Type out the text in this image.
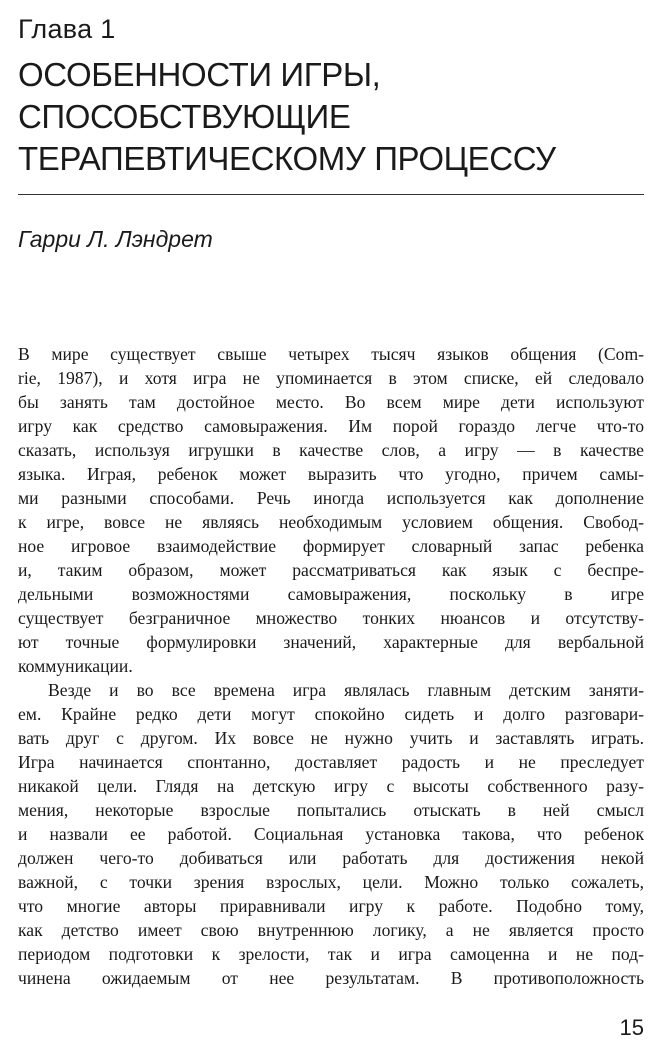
Глава 1
ОСОБЕННОСТИ ИГРЫ,
СПОСОБСТВУЮЩИЕ
ТЕРАПЕВТИЧЕСКОМУ ПРОЦЕССУ
Гарри Л. Лэндрет
В мире существует свыше четырех тысяч языков общения (Com-
rie, 1987), и хотя игра не упоминается в этом списке, ей следовало
бы занять там достойное место. Во всем мире дети используют
игру как средство самовыражения. Им порой гораздо легче что-то
сказать, используя игрушки в качестве слов, а игру — в качестве
языка. Играя, ребенок может выразить что угодно, причем самы-
ми разными способами. Речь иногда используется как дополнение
к игре, вовсе не являясь необходимым условием общения. Свобод-
ное игровое взаимодействие формирует словарный запас ребенка
и, таким образом, может рассматриваться как язык с беспре-
дельными возможностями самовыражения, поскольку в игре
существует безграничное множество тонких нюансов и отсутству-
ют точные формулировки значений, характерные для вербальной
коммуникации.
Везде и во все времена игра являлась главным детским заняти-
ем. Крайне редко дети могут спокойно сидеть и долго разговари-
вать друг с другом. Их вовсе не нужно учить и заставлять играть.
Игра начинается спонтанно, доставляет радость и не преследует
никакой цели. Глядя на детскую игру с высоты собственного разу-
мения, некоторые взрослые попытались отыскать в ней смысл
и назвали ее работой. Социальная установка такова, что ребенок
должен чего-то добиваться или работать для достижения некой
важной, с точки зрения взрослых, цели. Можно только сожалеть,
что многие авторы приравнивали игру к работе. Подобно тому,
как детство имеет свою внутреннюю логику, а не является просто
периодом подготовки к зрелости, так и игра самоценна и не под-
чинена ожидаемым от нее результатам. В противоположность
15
